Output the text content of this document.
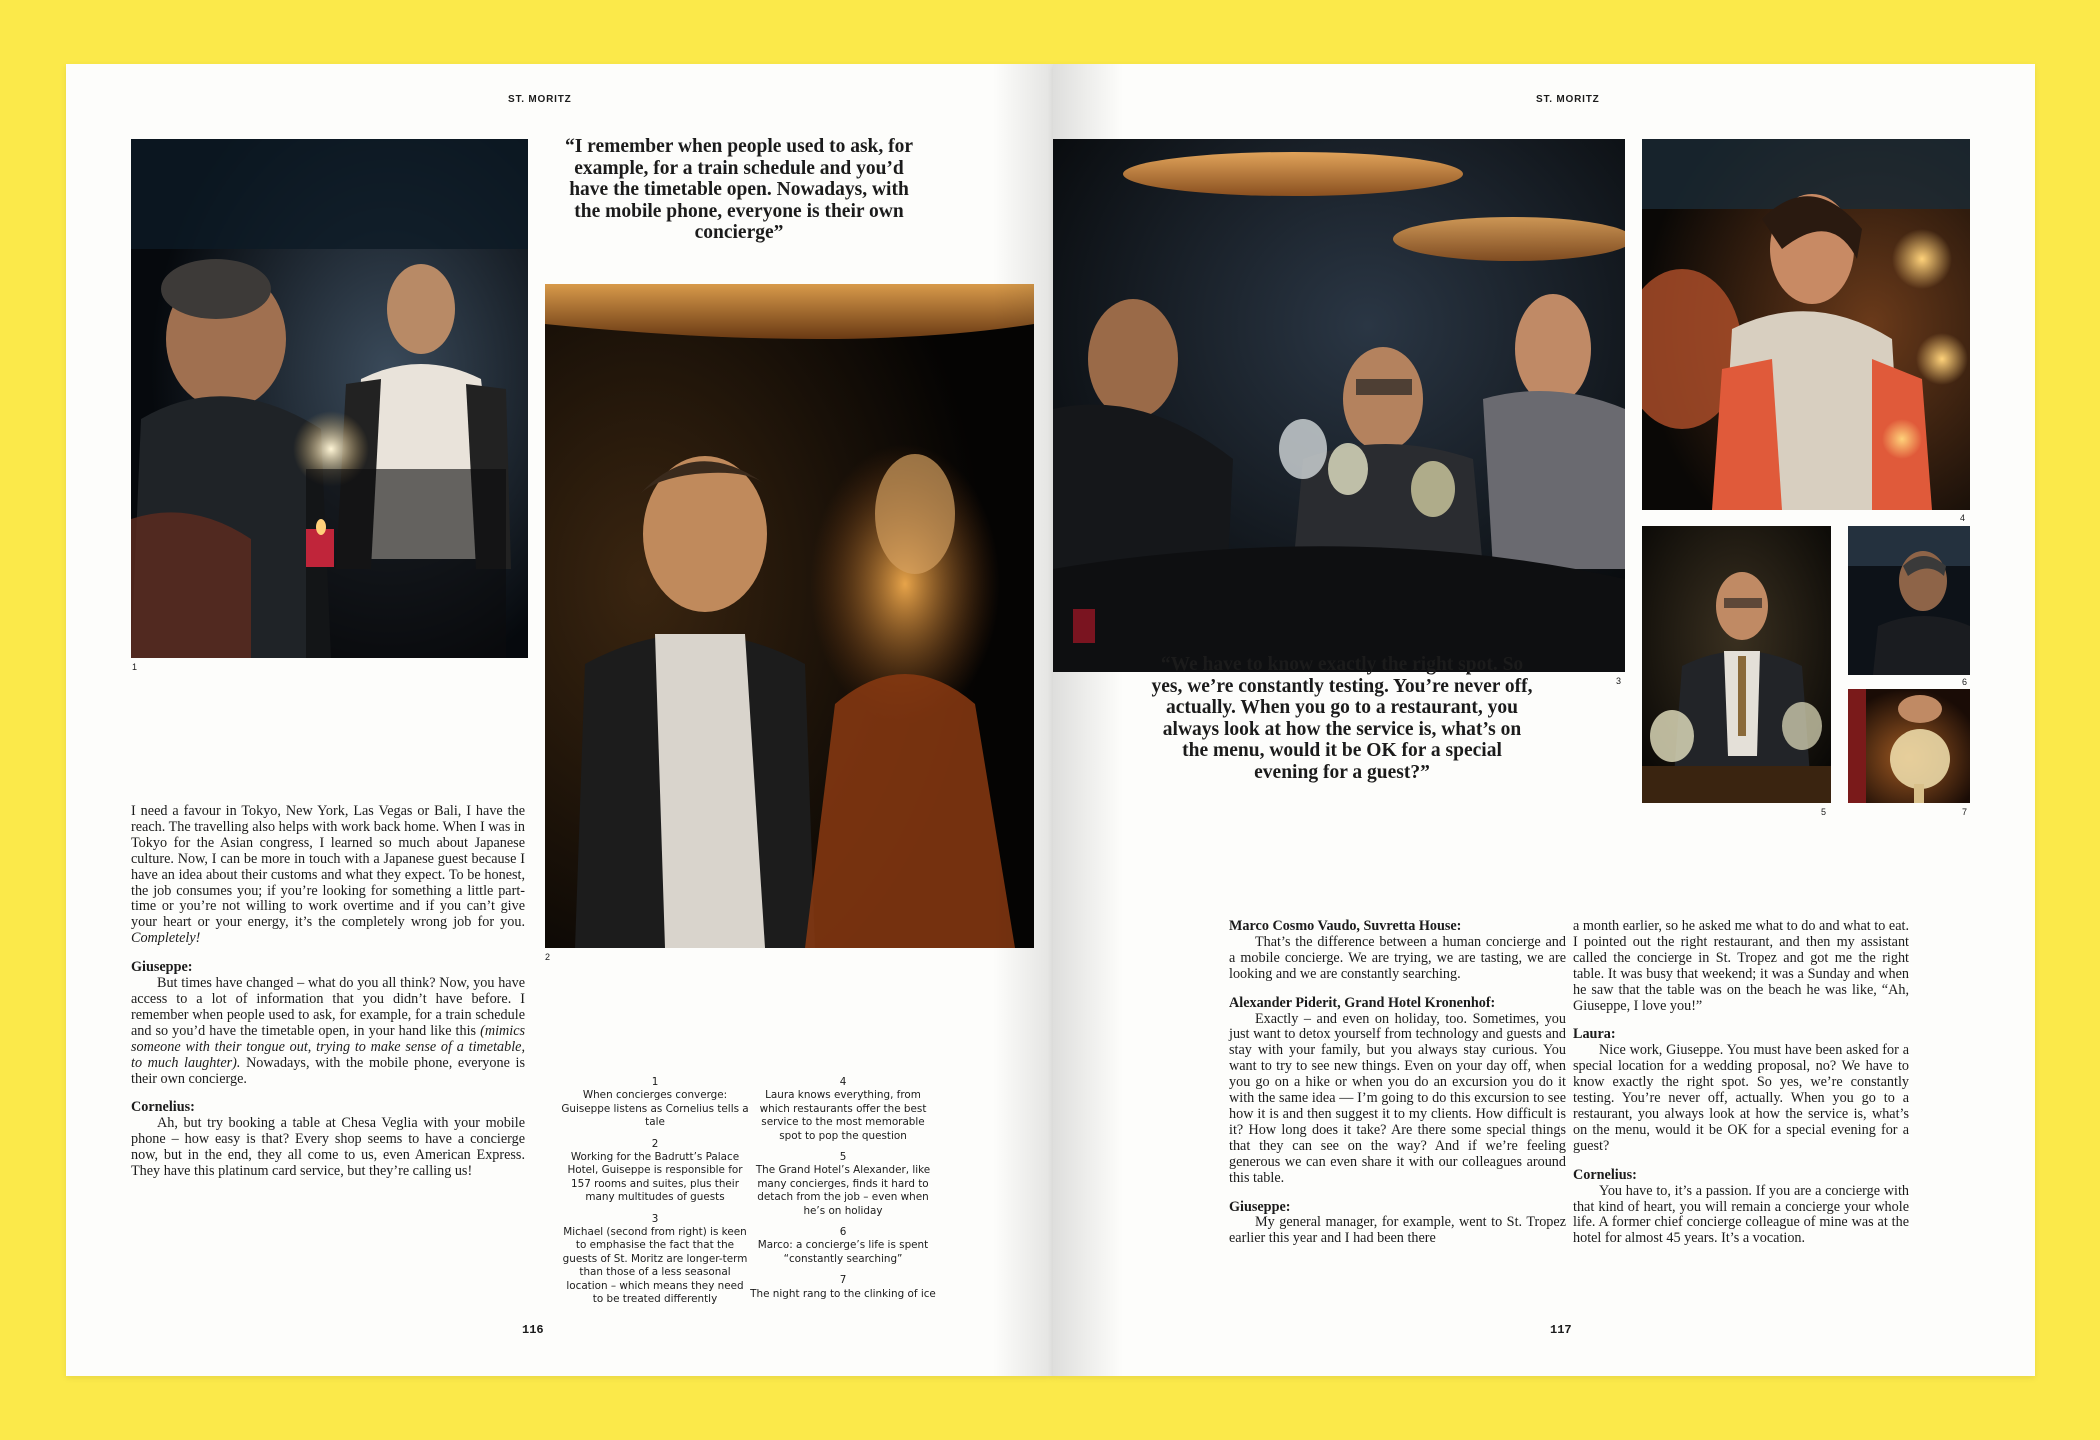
ST. MORITZ
1
“I remember when people used to ask, for example, for a train schedule and you’d have the timetable open. Nowadays, with the mobile phone, everyone is their own concierge”
2

I need a favour in Tokyo, New York, Las Vegas or Bali, I have the reach. The travelling also helps with work back home. When I was in Tokyo for the Asian congress, I learned so much about Japanese culture. Now, I can be more in touch with a Japanese guest because I have an idea about their customs and what they expect. To be honest, the job consumes you; if you’re looking for something a little part-time or you’re not willing to work overtime and if you can’t give your heart or your energy, it’s the completely wrong job for you. Completely!

Giuseppe:

But times have changed – what do you all think? Now, you have access to a lot of information that you didn’t have before. I remember when people used to ask, for example, for a train schedule and so you’d have the timetable open, in your hand like this (mimics someone with their tongue out, trying to make sense of a timetable, to much laughter). Nowadays, with the mobile phone, everyone is their own concierge.

Cornelius:

Ah, but try booking a table at Chesa Veglia with your mobile phone – how easy is that? Every shop seems to have a concierge now, but in the end, they all come to us, even American Express. They have this platinum card service, but they’re calling us!

1
When concierges converge: Guiseppe listens as Cornelius tells a tale
2
Working for the Badrutt’s Palace Hotel, Guiseppe is responsible for 157 rooms and suites, plus their many multitudes of guests
3
Michael (second from right) is keen to emphasise the fact that the guests of St. Moritz are longer-term than those of a less seasonal location – which means they need to be treated differently
4
Laura knows everything, from which restaurants offer the best service to the most memorable spot to pop the question
5
The Grand Hotel’s Alexander, like many concierges, finds it hard to detach from the job – even when he’s on holiday
6
Marco: a concierge’s life is spent “constantly searching”
7
The night rang to the clinking of ice
116
ST. MORITZ
3
4
5
6
7
“We have to know exactly the right spot. So yes, we’re constantly testing. You’re never off, actually. When you go to a restaurant, you always look at how the service is, what’s on the menu, would it be OK for a special evening for a guest?”

Marco Cosmo Vaudo, Suvretta House:

That’s the difference between a human concierge and a mobile concierge. We are trying, we are tasting, we are looking and we are constantly searching.

Alexander Piderit, Grand Hotel Kronenhof:

Exactly – and even on holiday, too. Sometimes, you just want to detox yourself from technology and guests and stay with your family, but you always stay curious. You want to try to see new things. Even on your day off, when you go on a hike or when you do an excursion you do it with the same idea — I’m going to do this excursion to see how it is and then suggest it to my clients. How difficult is it? How long does it take? Are there some special things that they can see on the way? And if we’re feeling generous we can even share it with our colleagues around this table.

Giuseppe:

My general manager, for example, went to St. Tropez earlier this year and I had been there

a month earlier, so he asked me what to do and what to eat. I pointed out the right restaurant, and then my assistant called the concierge in St. Tropez and got me the right table. It was busy that weekend; it was a Sunday and when he saw that the table was on the beach he was like, “Ah, Giuseppe, I love you!”

Laura:

Nice work, Giuseppe. You must have been asked for a special location for a wedding proposal, no? We have to know exactly the right spot. So yes, we’re constantly testing. You’re never off, actually. When you go to a restaurant, you always look at how the service is, what’s on the menu, would it be OK for a special evening for a guest?

Cornelius:

You have to, it’s a passion. If you are a concierge with that kind of heart, you will remain a concierge your whole life. A former chief concierge colleague of mine was at the hotel for almost 45 years. It’s a vocation.

117
